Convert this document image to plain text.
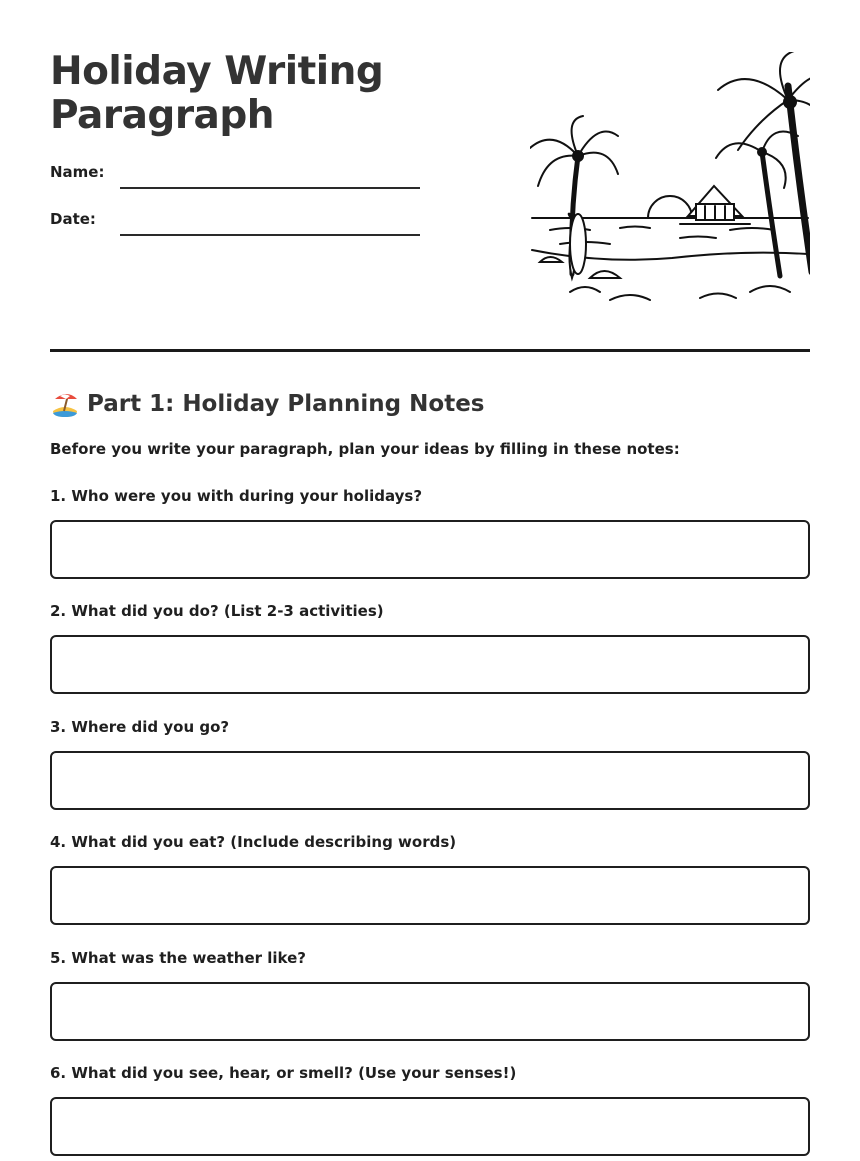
Holiday Writing Paragraph
Name:
Date:
Part 1: Holiday Planning Notes
Before you write your paragraph, plan your ideas by filling in these notes:
1. Who were you with during your holidays?
2. What did you do? (List 2-3 activities)
3. Where did you go?
4. What did you eat? (Include describing words)
5. What was the weather like?
6. What did you see, hear, or smell? (Use your senses!)
